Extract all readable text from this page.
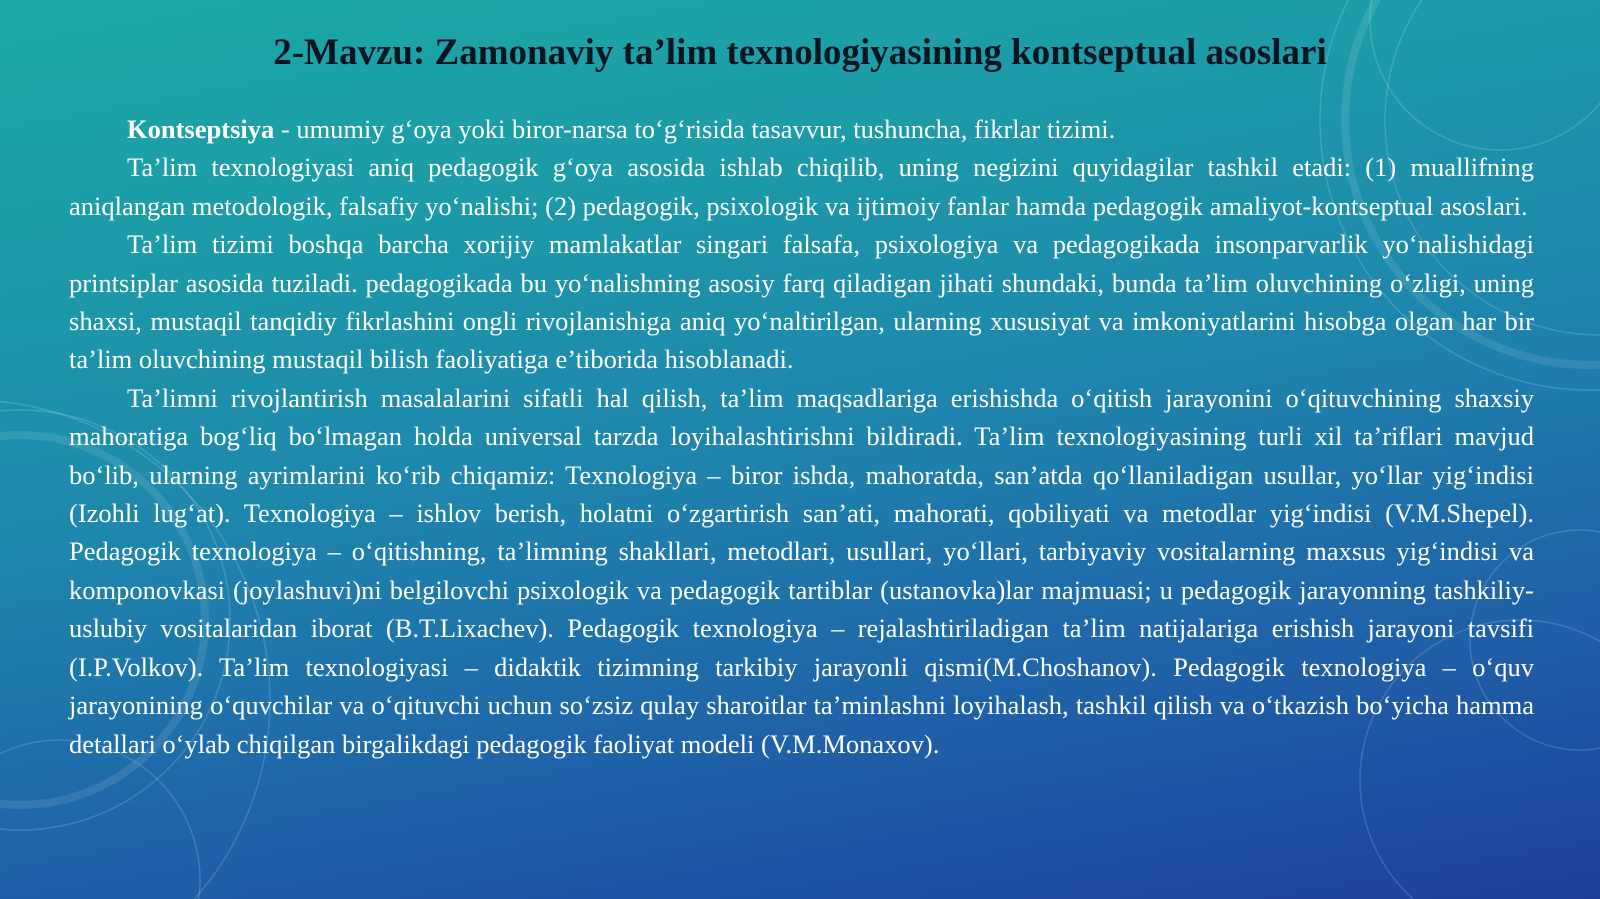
2-Mavzu: Zamonaviy ta’lim texnologiyasining kontseptual asoslari

Kontseptsiya - umumiy g‘oya yoki biror-narsa to‘g‘risida tasavvur, tushuncha, fikrlar tizimi.

Ta’lim texnologiyasi aniq pedagogik g‘oya asosida ishlab chiqilib, uning negizini quyidagilar tashkil etadi: (1) muallifning aniqlangan metodologik, falsafiy yo‘nalishi; (2) pedagogik, psixologik va ijtimoiy fanlar hamda pedagogik amaliyot-kontseptual asoslari.

Ta’lim tizimi boshqa barcha xorijiy mamlakatlar singari falsafa, psixologiya va pedagogikada insonparvarlik yo‘nalishidagi printsiplar asosida tuziladi. pedagogikada bu yo‘nalishning asosiy farq qiladigan jihati shundaki, bunda ta’lim oluvchining o‘zligi, uning shaxsi, mustaqil tanqidiy fikrlashini ongli rivojlanishiga aniq yo‘naltirilgan, ularning xususiyat va imkoniyatlarini hisobga olgan har bir ta’lim oluvchining mustaqil bilish faoliyatiga e’tiborida hisoblanadi.

Ta’limni rivojlantirish masalalarini sifatli hal qilish, ta’lim maqsadlariga erishishda o‘qitish jarayonini o‘qituvchining shaxsiy mahoratiga bog‘liq bo‘lmagan holda universal tarzda loyihalashtirishni bildiradi. Ta’lim texnologiyasining turli xil ta’riflari mavjud bo‘lib, ularning ayrimlarini ko‘rib chiqamiz: Texnologiya – biror ishda, mahoratda, san’atda qo‘llaniladigan usullar, yo‘llar yig‘indisi (Izohli lug‘at). Texnologiya – ishlov berish, holatni o‘zgartirish san’ati, mahorati, qobiliyati va metodlar yig‘indisi (V.M.Shepel). Pedagogik texnologiya – o‘qitishning, ta’limning shakllari, metodlari, usullari, yo‘llari, tarbiyaviy vositalarning maxsus yig‘indisi va komponovkasi (joylashuvi)ni belgilovchi psixologik va pedagogik tartiblar (ustanovka)lar majmuasi; u pedagogik jarayonning tashkiliy-uslubiy vositalaridan iborat (B.T.Lixachev). Pedagogik texnologiya – rejalashtiriladigan ta’lim natijalariga erishish jarayoni tavsifi (I.P.Volkov). Ta’lim texnologiyasi – didaktik tizimning tarkibiy jarayonli qismi(M.Choshanov). Pedagogik texnologiya – o‘quv jarayonining o‘quvchilar va o‘qituvchi uchun so‘zsiz qulay sharoitlar ta’minlashni loyihalash, tashkil qilish va o‘tkazish bo‘yicha hamma detallari o‘ylab chiqilgan birgalikdagi pedagogik faoliyat modeli (V.M.Monaxov).
